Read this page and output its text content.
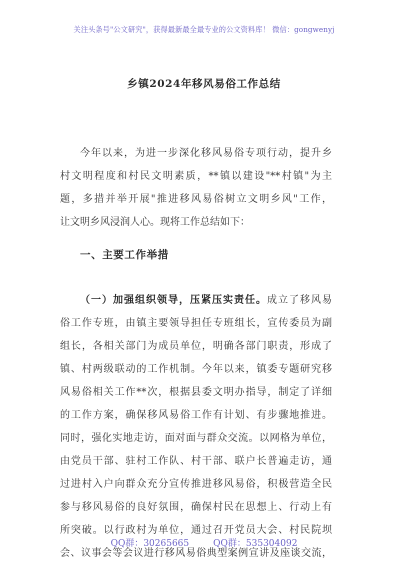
关注头条号"公文研究"，获得最新最全最专业的公文资料库！ 微信：gongwenyj
乡镇2024年移风易俗工作总结
今年以来，为进一步深化移风易俗专项行动，提升乡
村文明程度和村民文明素质，**镇以建设"**村镇"为主
题，多措并举开展"推进移风易俗树立文明乡风"工作，
让文明乡风浸润人心。现将工作总结如下：
一、主要工作举措
（一）加强组织领导，压紧压实责任。成立了移风易
俗工作专班，由镇主要领导担任专班组长，宣传委员为副
组长，各相关部门为成员单位，明确各部门职责，形成了
镇、村两级联动的工作机制。今年以来，镇委专题研究移
风易俗相关工作**次，根据县委文明办指导，制定了详细
的工作方案，确保移风易俗工作有计划、有步骤地推进。
同时，强化实地走访，面对面与群众交流。以网格为单位，
由党员干部、驻村工作队、村干部、联户长普遍走访，通
过进村入户向群众充分宣传推进移风易俗，积极营造全民
参与移风易俗的良好氛围，确保村民在思想上、行动上有
所突破。以行政村为单位，通过召开党员大会、村民院坝
会、议事会等会议进行移风易俗典型案例宣讲及座谈交流，
QQ群：30265665	QQ群：535304092
